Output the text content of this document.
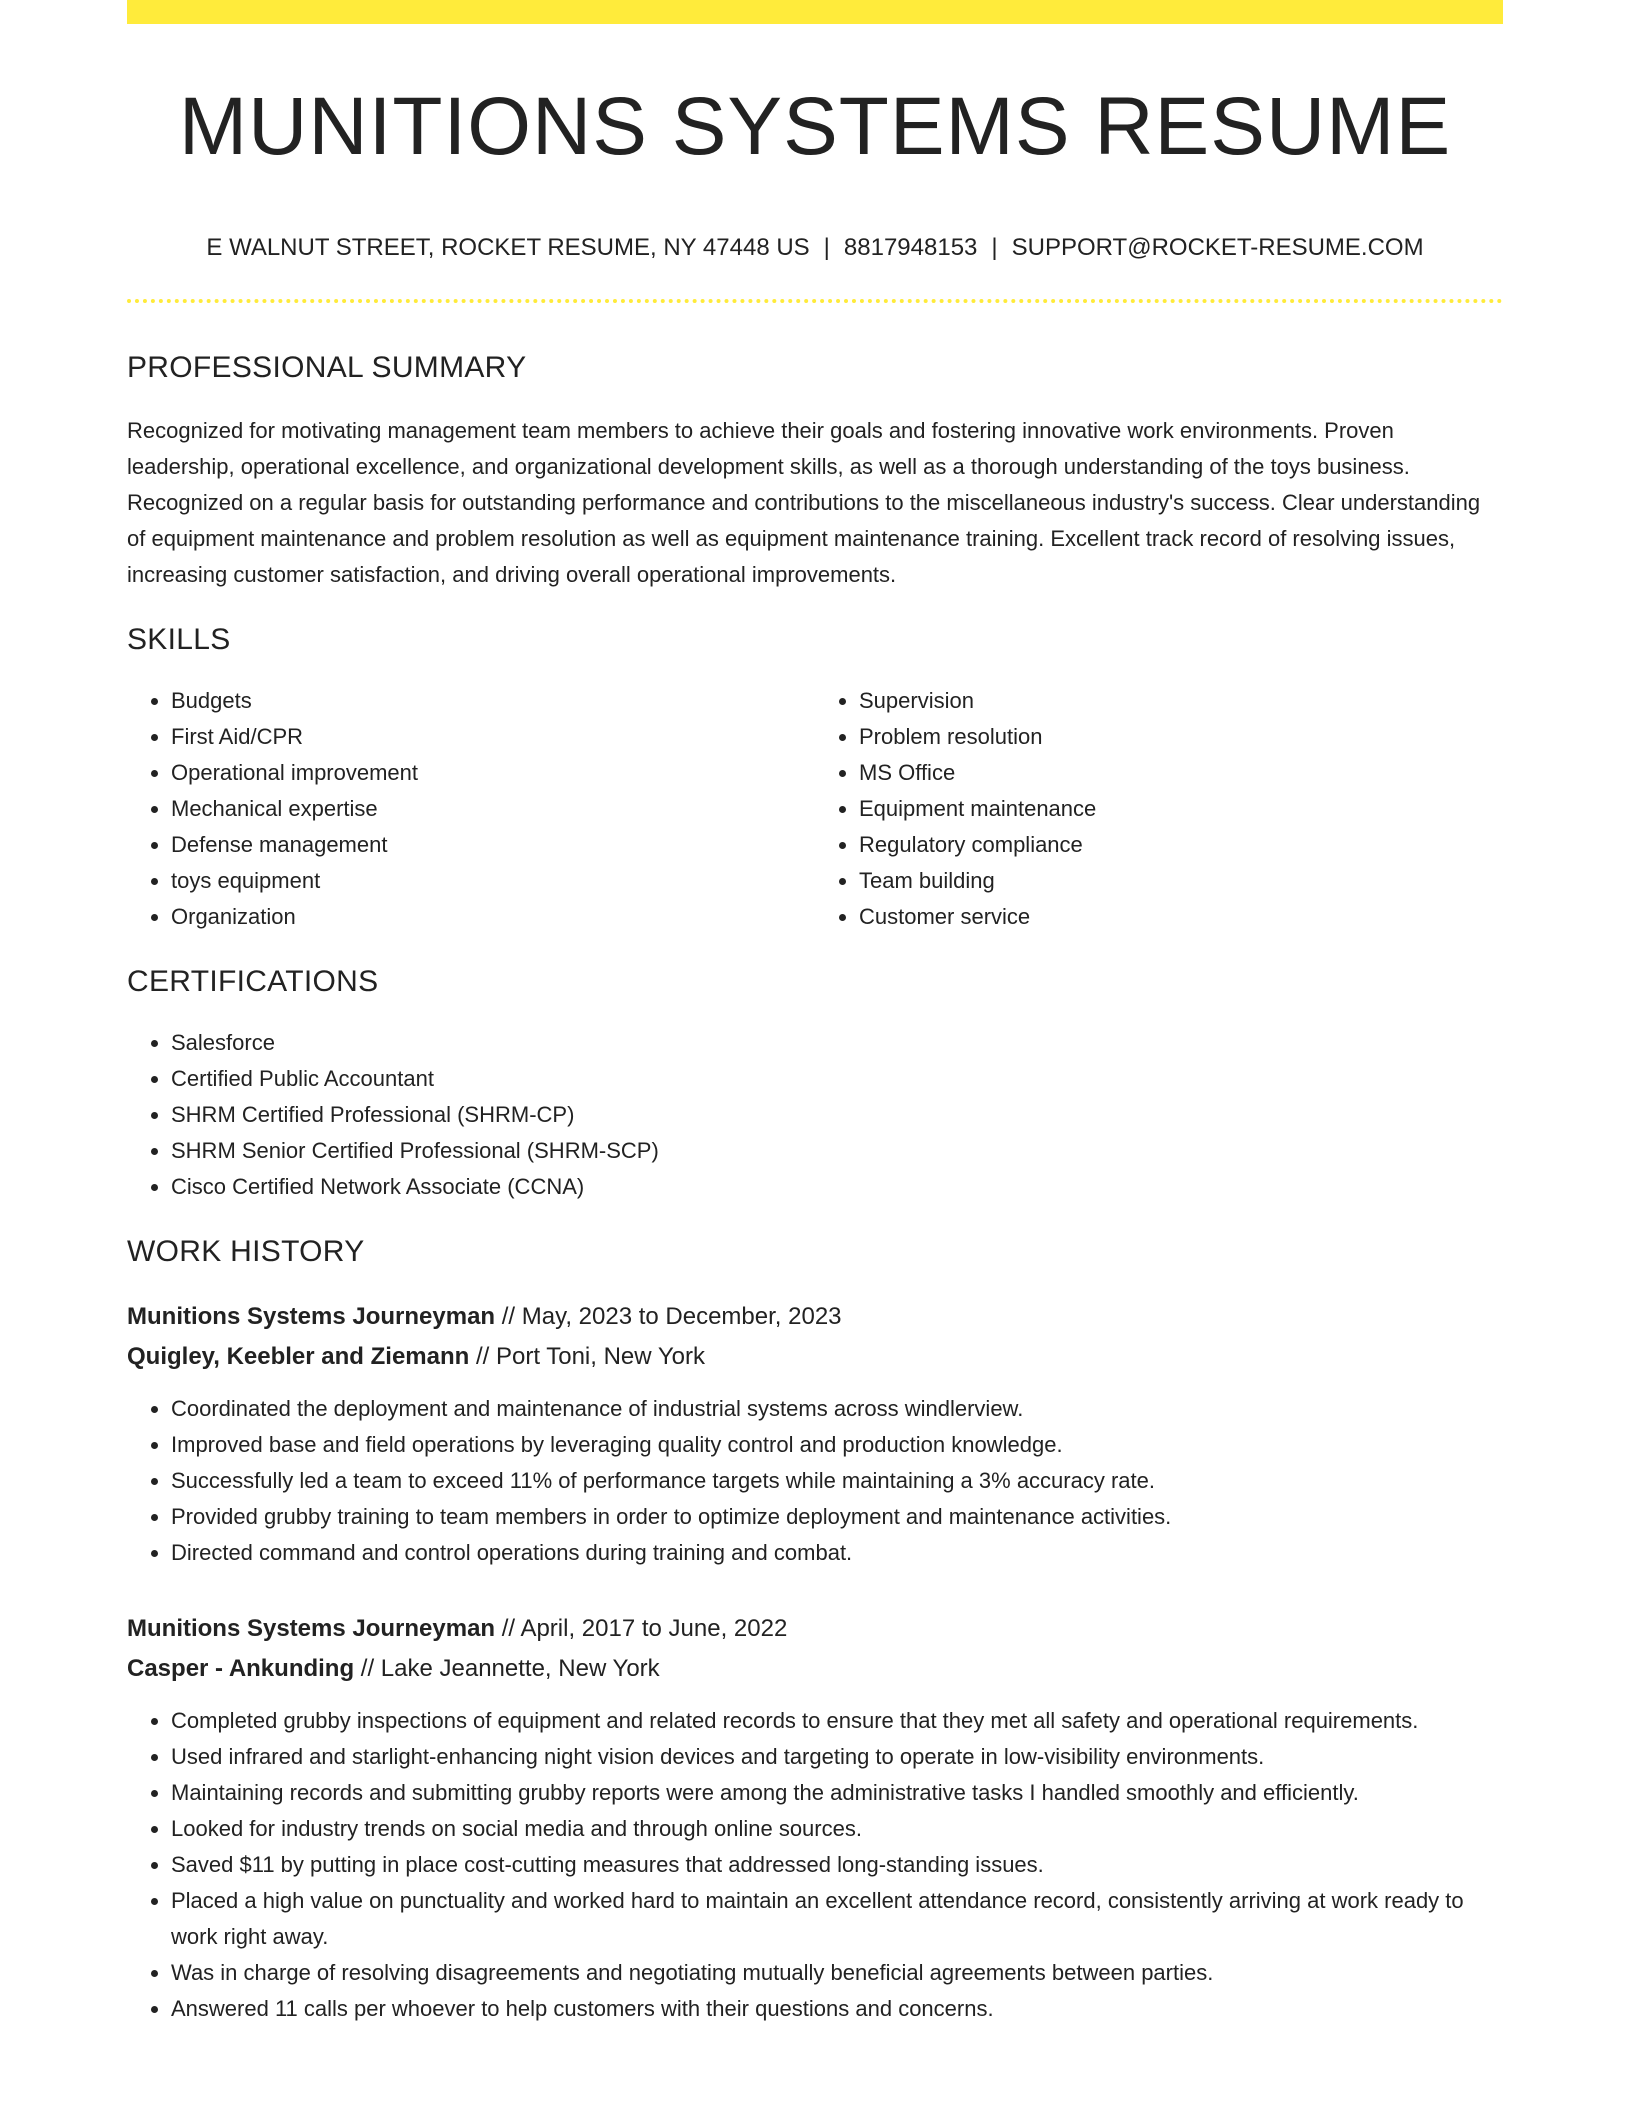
MUNITIONS SYSTEMS RESUME
E WALNUT STREET, ROCKET RESUME, NY 47448 US | 8817948153 | SUPPORT@ROCKET-RESUME.COM
PROFESSIONAL SUMMARY
Recognized for motivating management team members to achieve their goals and fostering innovative work environments. Proven leadership, operational excellence, and organizational development skills, as well as a thorough understanding of the toys business. Recognized on a regular basis for outstanding performance and contributions to the miscellaneous industry's success. Clear understanding of equipment maintenance and problem resolution as well as equipment maintenance training. Excellent track record of resolving issues, increasing customer satisfaction, and driving overall operational improvements.
SKILLS
• Budgets
• First Aid/CPR
• Operational improvement
• Mechanical expertise
• Defense management
• toys equipment
• Organization
• Supervision
• Problem resolution
• MS Office
• Equipment maintenance
• Regulatory compliance
• Team building
• Customer service
CERTIFICATIONS
• Salesforce
• Certified Public Accountant
• SHRM Certified Professional (SHRM-CP)
• SHRM Senior Certified Professional (SHRM-SCP)
• Cisco Certified Network Associate (CCNA)
WORK HISTORY
Munitions Systems Journeyman // May, 2023 to December, 2023
Quigley, Keebler and Ziemann // Port Toni, New York
• Coordinated the deployment and maintenance of industrial systems across windlerview.
• Improved base and field operations by leveraging quality control and production knowledge.
• Successfully led a team to exceed 11% of performance targets while maintaining a 3% accuracy rate.
• Provided grubby training to team members in order to optimize deployment and maintenance activities.
• Directed command and control operations during training and combat.
Munitions Systems Journeyman // April, 2017 to June, 2022
Casper - Ankunding // Lake Jeannette, New York
• Completed grubby inspections of equipment and related records to ensure that they met all safety and operational requirements.
• Used infrared and starlight-enhancing night vision devices and targeting to operate in low-visibility environments.
• Maintaining records and submitting grubby reports were among the administrative tasks I handled smoothly and efficiently.
• Looked for industry trends on social media and through online sources.
• Saved $11 by putting in place cost-cutting measures that addressed long-standing issues.
• Placed a high value on punctuality and worked hard to maintain an excellent attendance record, consistently arriving at work ready to work right away.
• Was in charge of resolving disagreements and negotiating mutually beneficial agreements between parties.
• Answered 11 calls per whoever to help customers with their questions and concerns.
